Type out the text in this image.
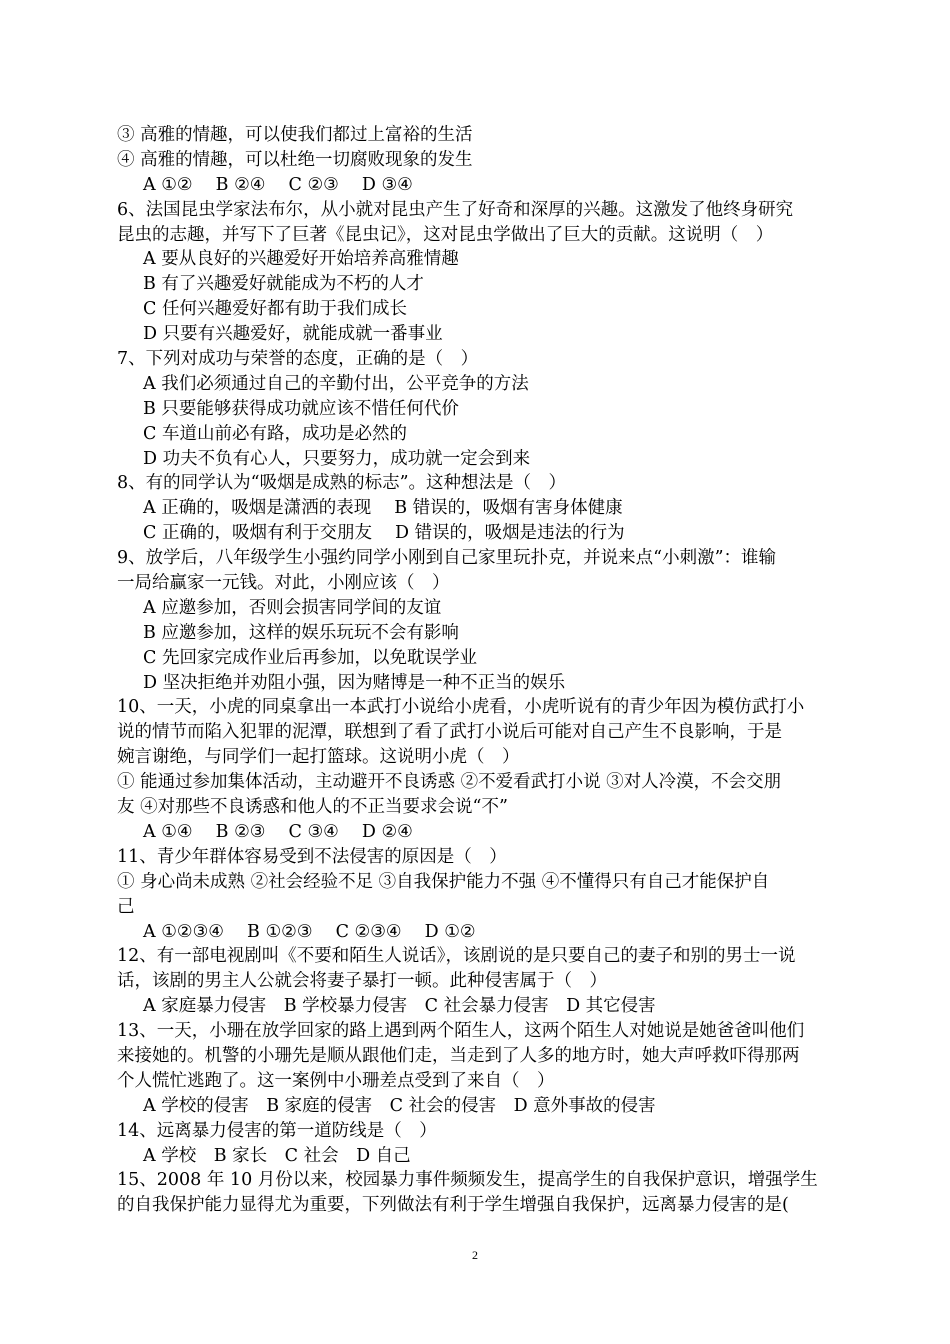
③ 高雅的情趣，可以使我们都过上富裕的生活
④ 高雅的情趣，可以杜绝一切腐败现象的发生
A ①②　 B ②④　 C ②③　 D ③④
6、法国昆虫学家法布尔，从小就对昆虫产生了好奇和深厚的兴趣。这激发了他终身研究
昆虫的志趣，并写下了巨著《昆虫记》，这对昆虫学做出了巨大的贡献。这说明（　）
A 要从良好的兴趣爱好开始培养高雅情趣
B 有了兴趣爱好就能成为不朽的人才
C 任何兴趣爱好都有助于我们成长
D 只要有兴趣爱好，就能成就一番事业
7、下列对成功与荣誉的态度，正确的是（　）
A 我们必须通过自己的辛勤付出，公平竞争的方法
B 只要能够获得成功就应该不惜任何代价
C 车道山前必有路，成功是必然的
D 功夫不负有心人，只要努力，成功就一定会到来
8、有的同学认为“吸烟是成熟的标志”。这种想法是（　）
A 正确的，吸烟是潇洒的表现　 B 错误的，吸烟有害身体健康
C 正确的，吸烟有利于交朋友　 D 错误的，吸烟是违法的行为
9、放学后，八年级学生小强约同学小刚到自己家里玩扑克，并说来点“小刺激”：谁输
一局给赢家一元钱。对此，小刚应该（　）
A 应邀参加，否则会损害同学间的友谊
B 应邀参加，这样的娱乐玩玩不会有影响
C 先回家完成作业后再参加，以免耽误学业
D 坚决拒绝并劝阻小强，因为赌博是一种不正当的娱乐
10、一天，小虎的同桌拿出一本武打小说给小虎看，小虎听说有的青少年因为模仿武打小
说的情节而陷入犯罪的泥潭，联想到了看了武打小说后可能对自己产生不良影响，于是
婉言谢绝，与同学们一起打篮球。这说明小虎（　）
① 能通过参加集体活动，主动避开不良诱惑 ②不爱看武打小说 ③对人冷漠，不会交朋
友 ④对那些不良诱惑和他人的不正当要求会说“不”
A ①④　 B ②③　 C ③④　 D ②④
11、青少年群体容易受到不法侵害的原因是（　）
① 身心尚未成熟 ②社会经验不足 ③自我保护能力不强 ④不懂得只有自己才能保护自
己
A ①②③④　 B ①②③　 C ②③④　 D ①②
12、有一部电视剧叫《不要和陌生人说话》，该剧说的是只要自己的妻子和别的男士一说
话，该剧的男主人公就会将妻子暴打一顿。此种侵害属于（　）
A 家庭暴力侵害　B 学校暴力侵害　C 社会暴力侵害　D 其它侵害
13、一天，小珊在放学回家的路上遇到两个陌生人，这两个陌生人对她说是她爸爸叫他们
来接她的。机警的小珊先是顺从跟他们走，当走到了人多的地方时，她大声呼救吓得那两
个人慌忙逃跑了。这一案例中小珊差点受到了来自（　）
A 学校的侵害　B 家庭的侵害　C 社会的侵害　D 意外事故的侵害
14、远离暴力侵害的第一道防线是（　）
A 学校　B 家长　C 社会　D 自己
15、2008 年 10 月份以来，校园暴力事件频频发生，提高学生的自我保护意识，增强学生
的自我保护能力显得尤为重要，下列做法有利于学生增强自我保护，远离暴力侵害的是(
2
